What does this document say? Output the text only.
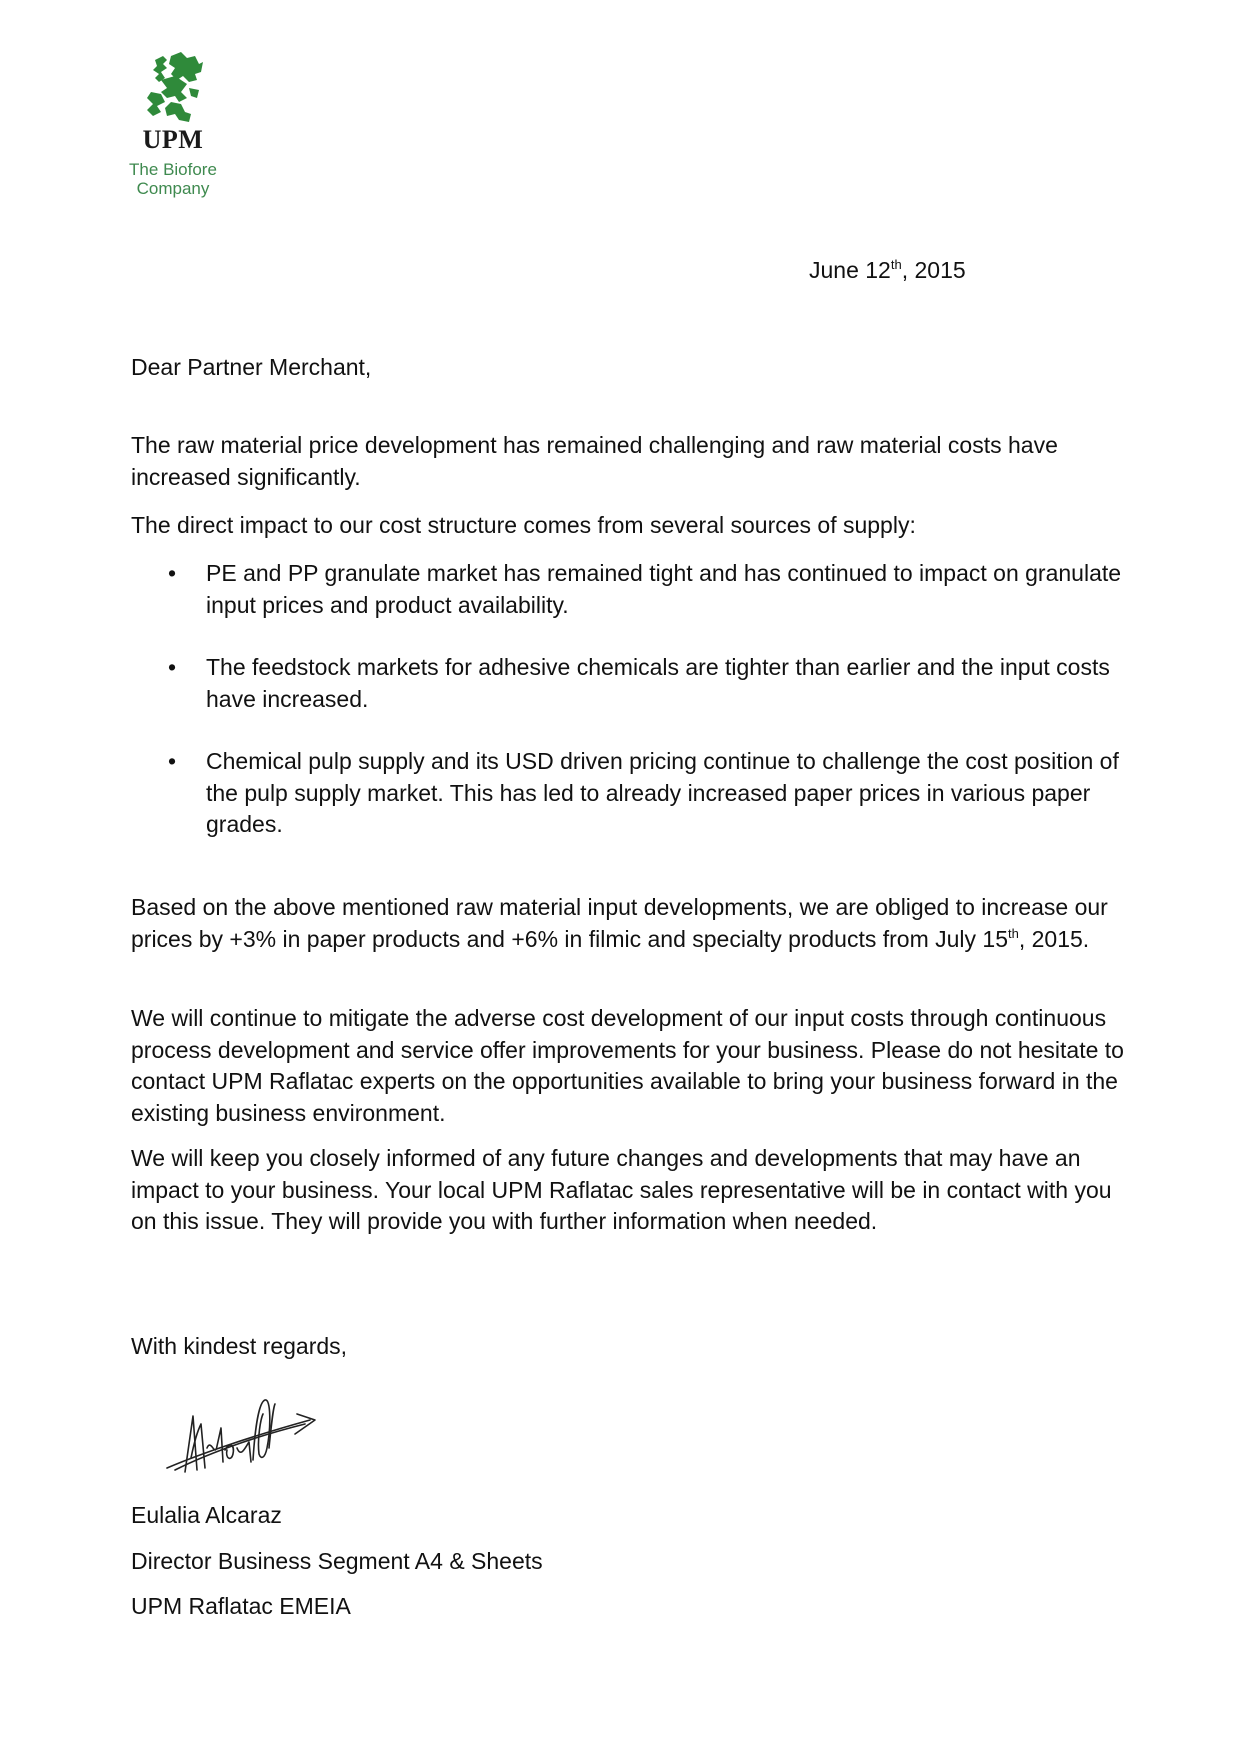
UPM
The Biofore
Company
June 12th, 2015
Dear Partner Merchant,
The raw material price development has remained challenging and raw material costs have increased significantly.
The direct impact to our cost structure comes from several sources of supply:
• PE and PP granulate market has remained tight and has continued to impact on granulate input prices and product availability.
• The feedstock markets for adhesive chemicals are tighter than earlier and the input costs have increased.
• Chemical pulp supply and its USD driven pricing continue to challenge the cost position of the pulp supply market. This has led to already increased paper prices in various paper grades.
Based on the above mentioned raw material input developments, we are obliged to increase our prices by +3% in paper products and +6% in filmic and specialty products from July 15th, 2015.
We will continue to mitigate the adverse cost development of our input costs through continuous process development and service offer improvements for your business. Please do not hesitate to contact UPM Raflatac experts on the opportunities available to bring your business forward in the existing business environment.
We will keep you closely informed of any future changes and developments that may have an impact to your business. Your local UPM Raflatac sales representative will be in contact with you on this issue. They will provide you with further information when needed.
With kindest regards,
Eulalia Alcaraz
Director Business Segment A4 & Sheets
UPM Raflatac EMEIA
